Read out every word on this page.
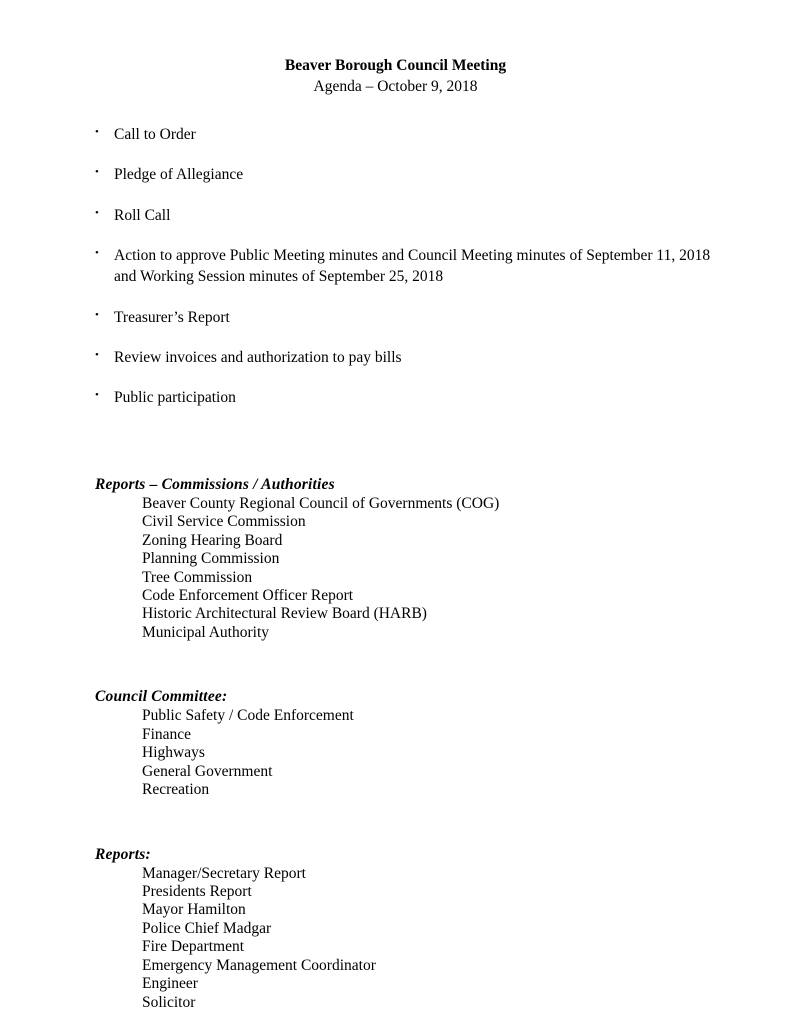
Beaver Borough Council Meeting
Agenda – October 9, 2018
• Call to Order
• Pledge of Allegiance
• Roll Call
• Action to approve Public Meeting minutes and Council Meeting minutes of September 11, 2018 and Working Session minutes of September 25, 2018
• Treasurer’s Report
• Review invoices and authorization to pay bills
• Public participation
Reports – Commissions / Authorities
Beaver County Regional Council of Governments (COG)
Civil Service Commission
Zoning Hearing Board
Planning Commission
Tree Commission
Code Enforcement Officer Report
Historic Architectural Review Board (HARB)
Municipal Authority
Council Committee:
Public Safety / Code Enforcement
Finance
Highways
General Government
Recreation
Reports:
Manager/Secretary Report
Presidents Report
Mayor Hamilton
Police Chief Madgar
Fire Department
Emergency Management Coordinator
Engineer
Solicitor
